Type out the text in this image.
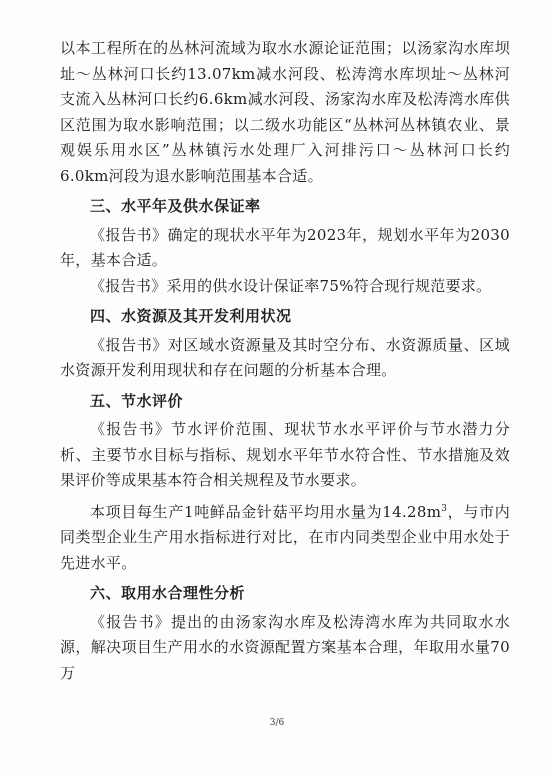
以本工程所在的丛林河流域为取水水源论证范围；以汤家沟水库坝址～丛林河口长约13.07km减水河段、松涛湾水库坝址～丛林河支流入丛林河口长约6.6km减水河段、汤家沟水库及松涛湾水库供区范围为取水影响范围；以二级水功能区“丛林河丛林镇农业、景观娱乐用水区”丛林镇污水处理厂入河排污口～丛林河口长约6.0km河段为退水影响范围基本合适。

三、水平年及供水保证率

《报告书》确定的现状水平年为2023年，规划水平年为2030年，基本合适。

《报告书》采用的供水设计保证率75%符合现行规范要求。

四、水资源及其开发利用状况

《报告书》对区域水资源量及其时空分布、水资源质量、区域水资源开发利用现状和存在问题的分析基本合理。

五、节水评价

《报告书》节水评价范围、现状节水水平评价与节水潜力分析、主要节水目标与指标、规划水平年节水符合性、节水措施及效果评价等成果基本符合相关规程及节水要求。

本项目每生产1吨鲜品金针菇平均用水量为$14.28m^3$，与市内同类型企业生产用水指标进行对比，在市内同类型企业中用水处于先进水平。

六、取用水合理性分析

《报告书》提出的由汤家沟水库及松涛湾水库为共同取水水源，解决项目生产用水的水资源配置方案基本合理，年取用水量70万

3/6
